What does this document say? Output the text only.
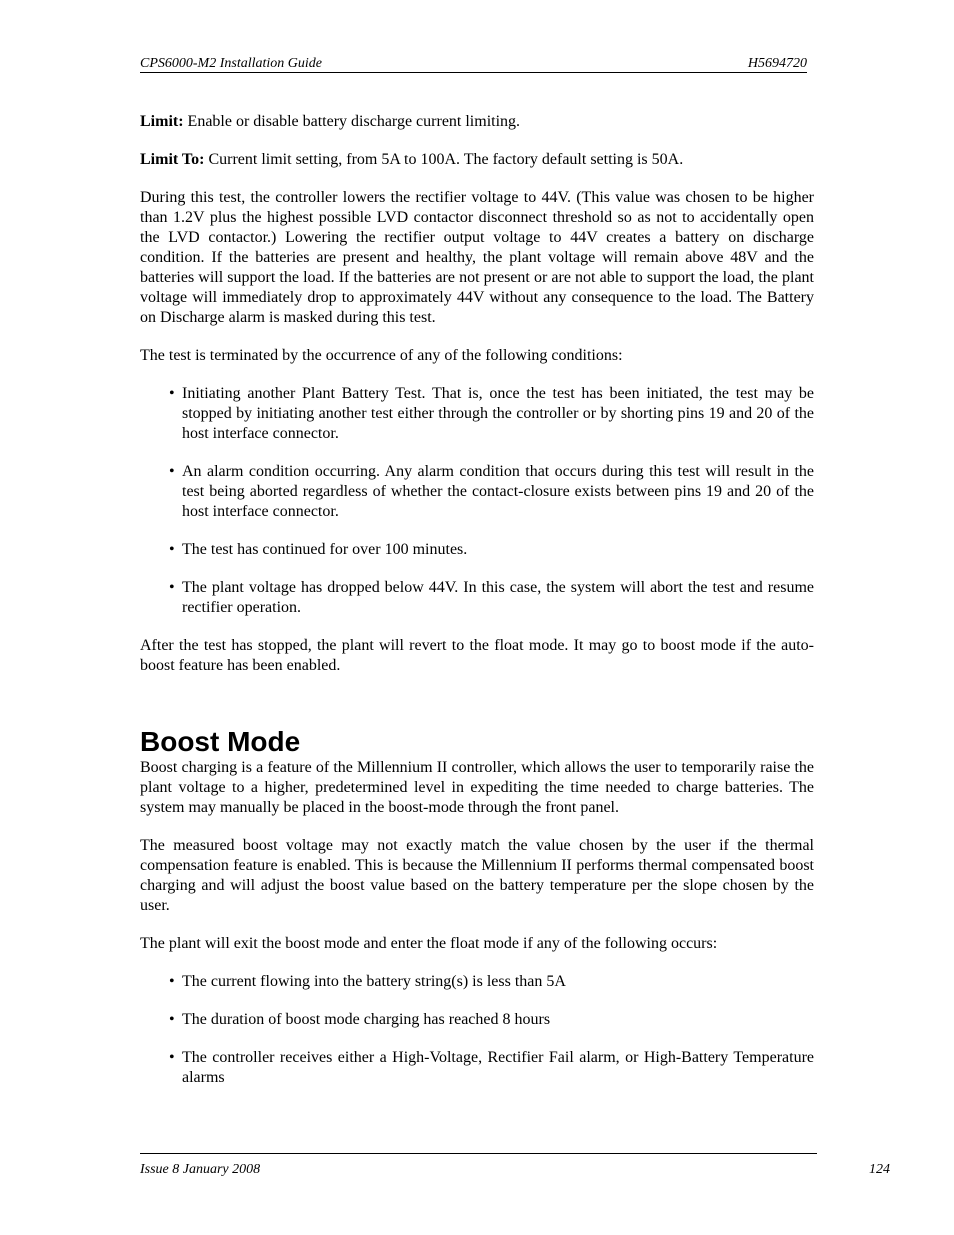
CPS6000-M2 Installation Guide	H5694720

Limit: Enable or disable battery discharge current limiting.

Limit To: Current limit setting, from 5A to 100A. The factory default setting is 50A.

During this test, the controller lowers the rectifier voltage to 44V. (This value was chosen to be higher than 1.2V plus the highest possible LVD contactor disconnect threshold so as not to accidentally open the LVD contactor.) Lowering the rectifier output voltage to 44V creates a battery on discharge condition. If the batteries are present and healthy, the plant voltage will remain above 48V and the batteries will support the load. If the batteries are not present or are not able to support the load, the plant voltage will immediately drop to approximately 44V without any consequence to the load. The Battery on Discharge alarm is masked during this test.

The test is terminated by the occurrence of any of the following conditions:

• Initiating another Plant Battery Test. That is, once the test has been initiated, the test may be stopped by initiating another test either through the controller or by shorting pins 19 and 20 of the host interface connector.
• An alarm condition occurring. Any alarm condition that occurs during this test will result in the test being aborted regardless of whether the contact-closure exists between pins 19 and 20 of the host interface connector.
• The test has continued for over 100 minutes.
• The plant voltage has dropped below 44V. In this case, the system will abort the test and resume rectifier operation.

After the test has stopped, the plant will revert to the float mode. It may go to boost mode if the auto-boost feature has been enabled.

Boost Mode

Boost charging is a feature of the Millennium II controller, which allows the user to temporarily raise the plant voltage to a higher, predetermined level in expediting the time needed to charge batteries. The system may manually be placed in the boost-mode through the front panel.

The measured boost voltage may not exactly match the value chosen by the user if the thermal compensation feature is enabled. This is because the Millennium II performs thermal compensated boost charging and will adjust the boost value based on the battery temperature per the slope chosen by the user.

The plant will exit the boost mode and enter the float mode if any of the following occurs:

• The current flowing into the battery string(s) is less than 5A
• The duration of boost mode charging has reached 8 hours
• The controller receives either a High-Voltage, Rectifier Fail alarm, or High-Battery Temperature alarms
Issue 8 January 2008	124
